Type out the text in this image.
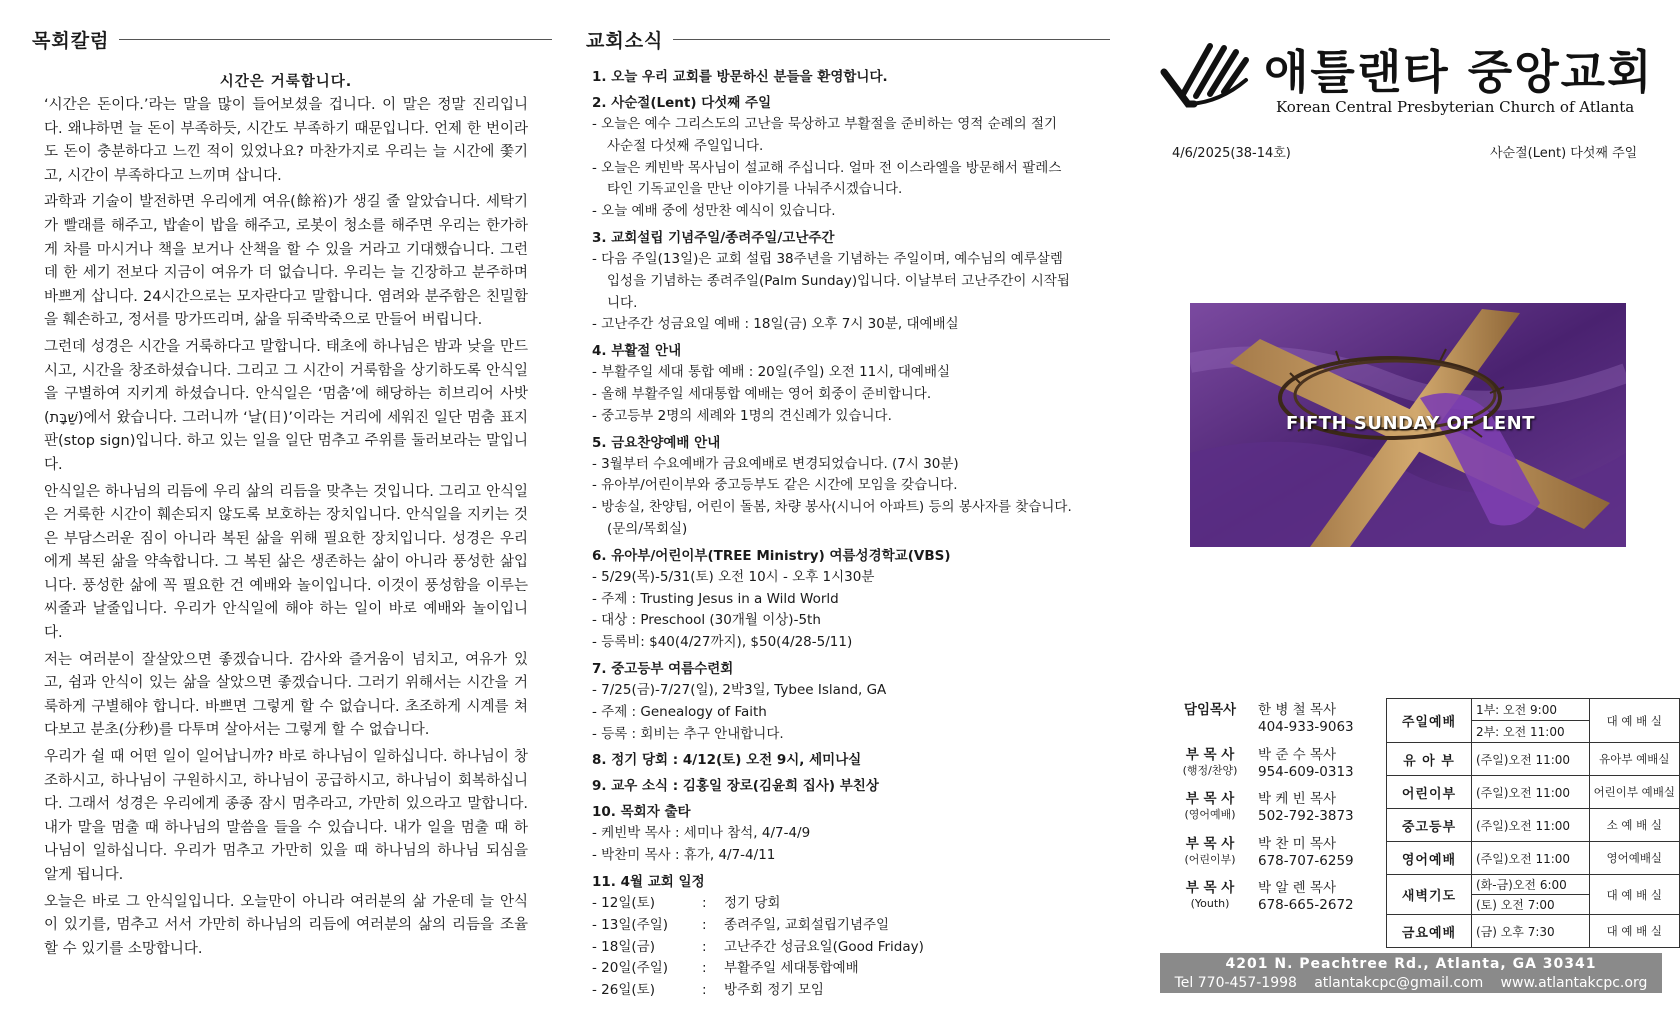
목회칼럼	교회소식
시간은 거룩합니다.

‘시간은 돈이다.’라는 말을 많이 들어보셨을 겁니다. 이 말은 정말 진리입니다. 왜냐하면 늘 돈이 부족하듯, 시간도 부족하기 때문입니다. 언제 한 번이라도 돈이 충분하다고 느낀 적이 있었나요? 마찬가지로 우리는 늘 시간에 쫓기고, 시간이 부족하다고 느끼며 삽니다.

과학과 기술이 발전하면 우리에게 여유(餘裕)가 생길 줄 알았습니다. 세탁기가 빨래를 해주고, 밥솥이 밥을 해주고, 로봇이 청소를 해주면 우리는 한가하게 차를 마시거나 책을 보거나 산책을 할 수 있을 거라고 기대했습니다. 그런데 한 세기 전보다 지금이 여유가 더 없습니다. 우리는 늘 긴장하고 분주하며 바쁘게 삽니다. 24시간으로는 모자란다고 말합니다. 염려와 분주함은 친밀함을 훼손하고, 정서를 망가뜨리며, 삶을 뒤죽박죽으로 만들어 버립니다.

그런데 성경은 시간을 거룩하다고 말합니다. 태초에 하나님은 밤과 낮을 만드시고, 시간을 창조하셨습니다. 그리고 그 시간이 거룩함을 상기하도록 안식일을 구별하여 지키게 하셨습니다. 안식일은 ‘멈춤’에 해당하는 히브리어 사밧(שַׁבָּת)에서 왔습니다. 그러니까 ‘날(日)’이라는 거리에 세워진 일단 멈춤 표지판(stop sign)입니다. 하고 있는 일을 일단 멈추고 주위를 둘러보라는 말입니다.

안식일은 하나님의 리듬에 우리 삶의 리듬을 맞추는 것입니다. 그리고 안식일은 거룩한 시간이 훼손되지 않도록 보호하는 장치입니다. 안식일을 지키는 것은 부담스러운 짐이 아니라 복된 삶을 위해 필요한 장치입니다. 성경은 우리에게 복된 삶을 약속합니다. 그 복된 삶은 생존하는 삶이 아니라 풍성한 삶입니다. 풍성한 삶에 꼭 필요한 건 예배와 놀이입니다. 이것이 풍성함을 이루는 씨줄과 날줄입니다. 우리가 안식일에 해야 하는 일이 바로 예배와 놀이입니다.

저는 여러분이 잘살았으면 좋겠습니다. 감사와 즐거움이 넘치고, 여유가 있고, 쉼과 안식이 있는 삶을 살았으면 좋겠습니다. 그러기 위해서는 시간을 거룩하게 구별해야 합니다. 바쁘면 그렇게 할 수 없습니다. 초조하게 시계를 쳐다보고 분초(分秒)를 다투며 살아서는 그렇게 할 수 없습니다.

우리가 쉴 때 어떤 일이 일어납니까? 바로 하나님이 일하십니다. 하나님이 창조하시고, 하나님이 구원하시고, 하나님이 공급하시고, 하나님이 회복하십니다. 그래서 성경은 우리에게 종종 잠시 멈추라고, 가만히 있으라고 말합니다. 내가 말을 멈출 때 하나님의 말씀을 들을 수 있습니다. 내가 일을 멈출 때 하나님이 일하십니다. 우리가 멈추고 가만히 있을 때 하나님의 하나님 되심을 알게 됩니다.

오늘은 바로 그 안식일입니다. 오늘만이 아니라 여러분의 삶 가운데 늘 안식이 있기를, 멈추고 서서 가만히 하나님의 리듬에 여러분의 삶의 리듬을 조율할 수 있기를 소망합니다.

1. 오늘 우리 교회를 방문하신 분들을 환영합니다.
2. 사순절(Lent) 다섯째 주일
- 오늘은 예수 그리스도의 고난을 묵상하고 부활절을 준비하는 영적 순례의 절기 사순절 다섯째 주일입니다.
- 오늘은 케빈박 목사님이 설교해 주십니다. 얼마 전 이스라엘을 방문해서 팔레스타인 기독교인을 만난 이야기를 나눠주시겠습니다.
- 오늘 예배 중에 성만찬 예식이 있습니다.
3. 교회설립 기념주일/종려주일/고난주간
- 다음 주일(13일)은 교회 설립 38주년을 기념하는 주일이며, 예수님의 예루살렘 입성을 기념하는 종려주일(Palm Sunday)입니다. 이날부터 고난주간이 시작됩니다.
- 고난주간 성금요일 예배 : 18일(금) 오후 7시 30분, 대예배실
4. 부활절 안내
- 부활주일 세대 통합 예배 : 20일(주일) 오전 11시, 대예배실
- 올해 부활주일 세대통합 예배는 영어 회중이 준비합니다.
- 중고등부 2명의 세례와 1명의 견신례가 있습니다.
5. 금요찬양예배 안내
- 3월부터 수요예배가 금요예배로 변경되었습니다. (7시 30분)
- 유아부/어린이부와 중고등부도 같은 시간에 모임을 갖습니다.
- 방송실, 찬양팀, 어린이 돌봄, 차량 봉사(시니어 아파트) 등의 봉사자를 찾습니다. (문의/목회실)
6. 유아부/어린이부(TREE Ministry) 여름성경학교(VBS)
- 5/29(목)-5/31(토) 오전 10시 - 오후 1시30분
- 주제 : Trusting Jesus in a Wild World
- 대상 : Preschool (30개월 이상)-5th
- 등록비: $40(4/27까지), $50(4/28-5/11)
7. 중고등부 여름수련회
- 7/25(금)-7/27(일), 2박3일, Tybee Island, GA
- 주제 : Genealogy of Faith
- 등록 : 회비는 추구 안내합니다.
8. 정기 당회 : 4/12(토) 오전 9시, 세미나실
9. 교우 소식 : 김홍일 장로(김윤희 집사) 부친상
10. 목회자 출타
- 케빈박 목사 : 세미나 참석, 4/7-4/9
- 박찬미 목사 : 휴가, 4/7-4/11
11. 4월 교회 일정
- 12일(토)	:	정기 당회
- 13일(주일)	:	종려주일, 교회설립기념주일
- 18일(금)	:	고난주간 성금요일(Good Friday)
- 20일(주일)	:	부활주일 세대통합예배
- 26일(토)	:	방주회 정기 모임
애틀랜타 중앙교회
Korean Central Presbyterian Church of Atlanta
4/6/2025(38-14호)	사순절(Lent) 다섯째 주일
FIFTH SUNDAY OF LENT
담임목사	한 병 철 목사
404-933-9063
부 목 사
(행정/찬양)
박 준 수 목사
954-609-0313
부 목 사
(영어예배)
박 케 빈 목사
502-792-3873
부 목 사
(어린이부)
박 찬 미 목사
678-707-6259
부 목 사
(Youth)
박 알 렌 목사
678-665-2672
주일예배	1부: 오전 9:00	대 예 배 실
	2부: 오전 11:00	
유 아 부	(주일)오전 11:00	유아부 예배실
어린이부	(주일)오전 11:00	어린이부 예배실
중고등부	(주일)오전 11:00	소 예 배 실
영어예배	(주일)오전 11:00	영어예배실
새벽기도	(화-금)오전 6:00	대 예 배 실
	(토) 오전 7:00	
금요예배	(금) 오후 7:30	대 예 배 실
4201 N. Peachtree Rd., Atlanta, GA 30341
Tel 770-457-1998 atlantakcpc@gmail.com www.atlantakcpc.org
